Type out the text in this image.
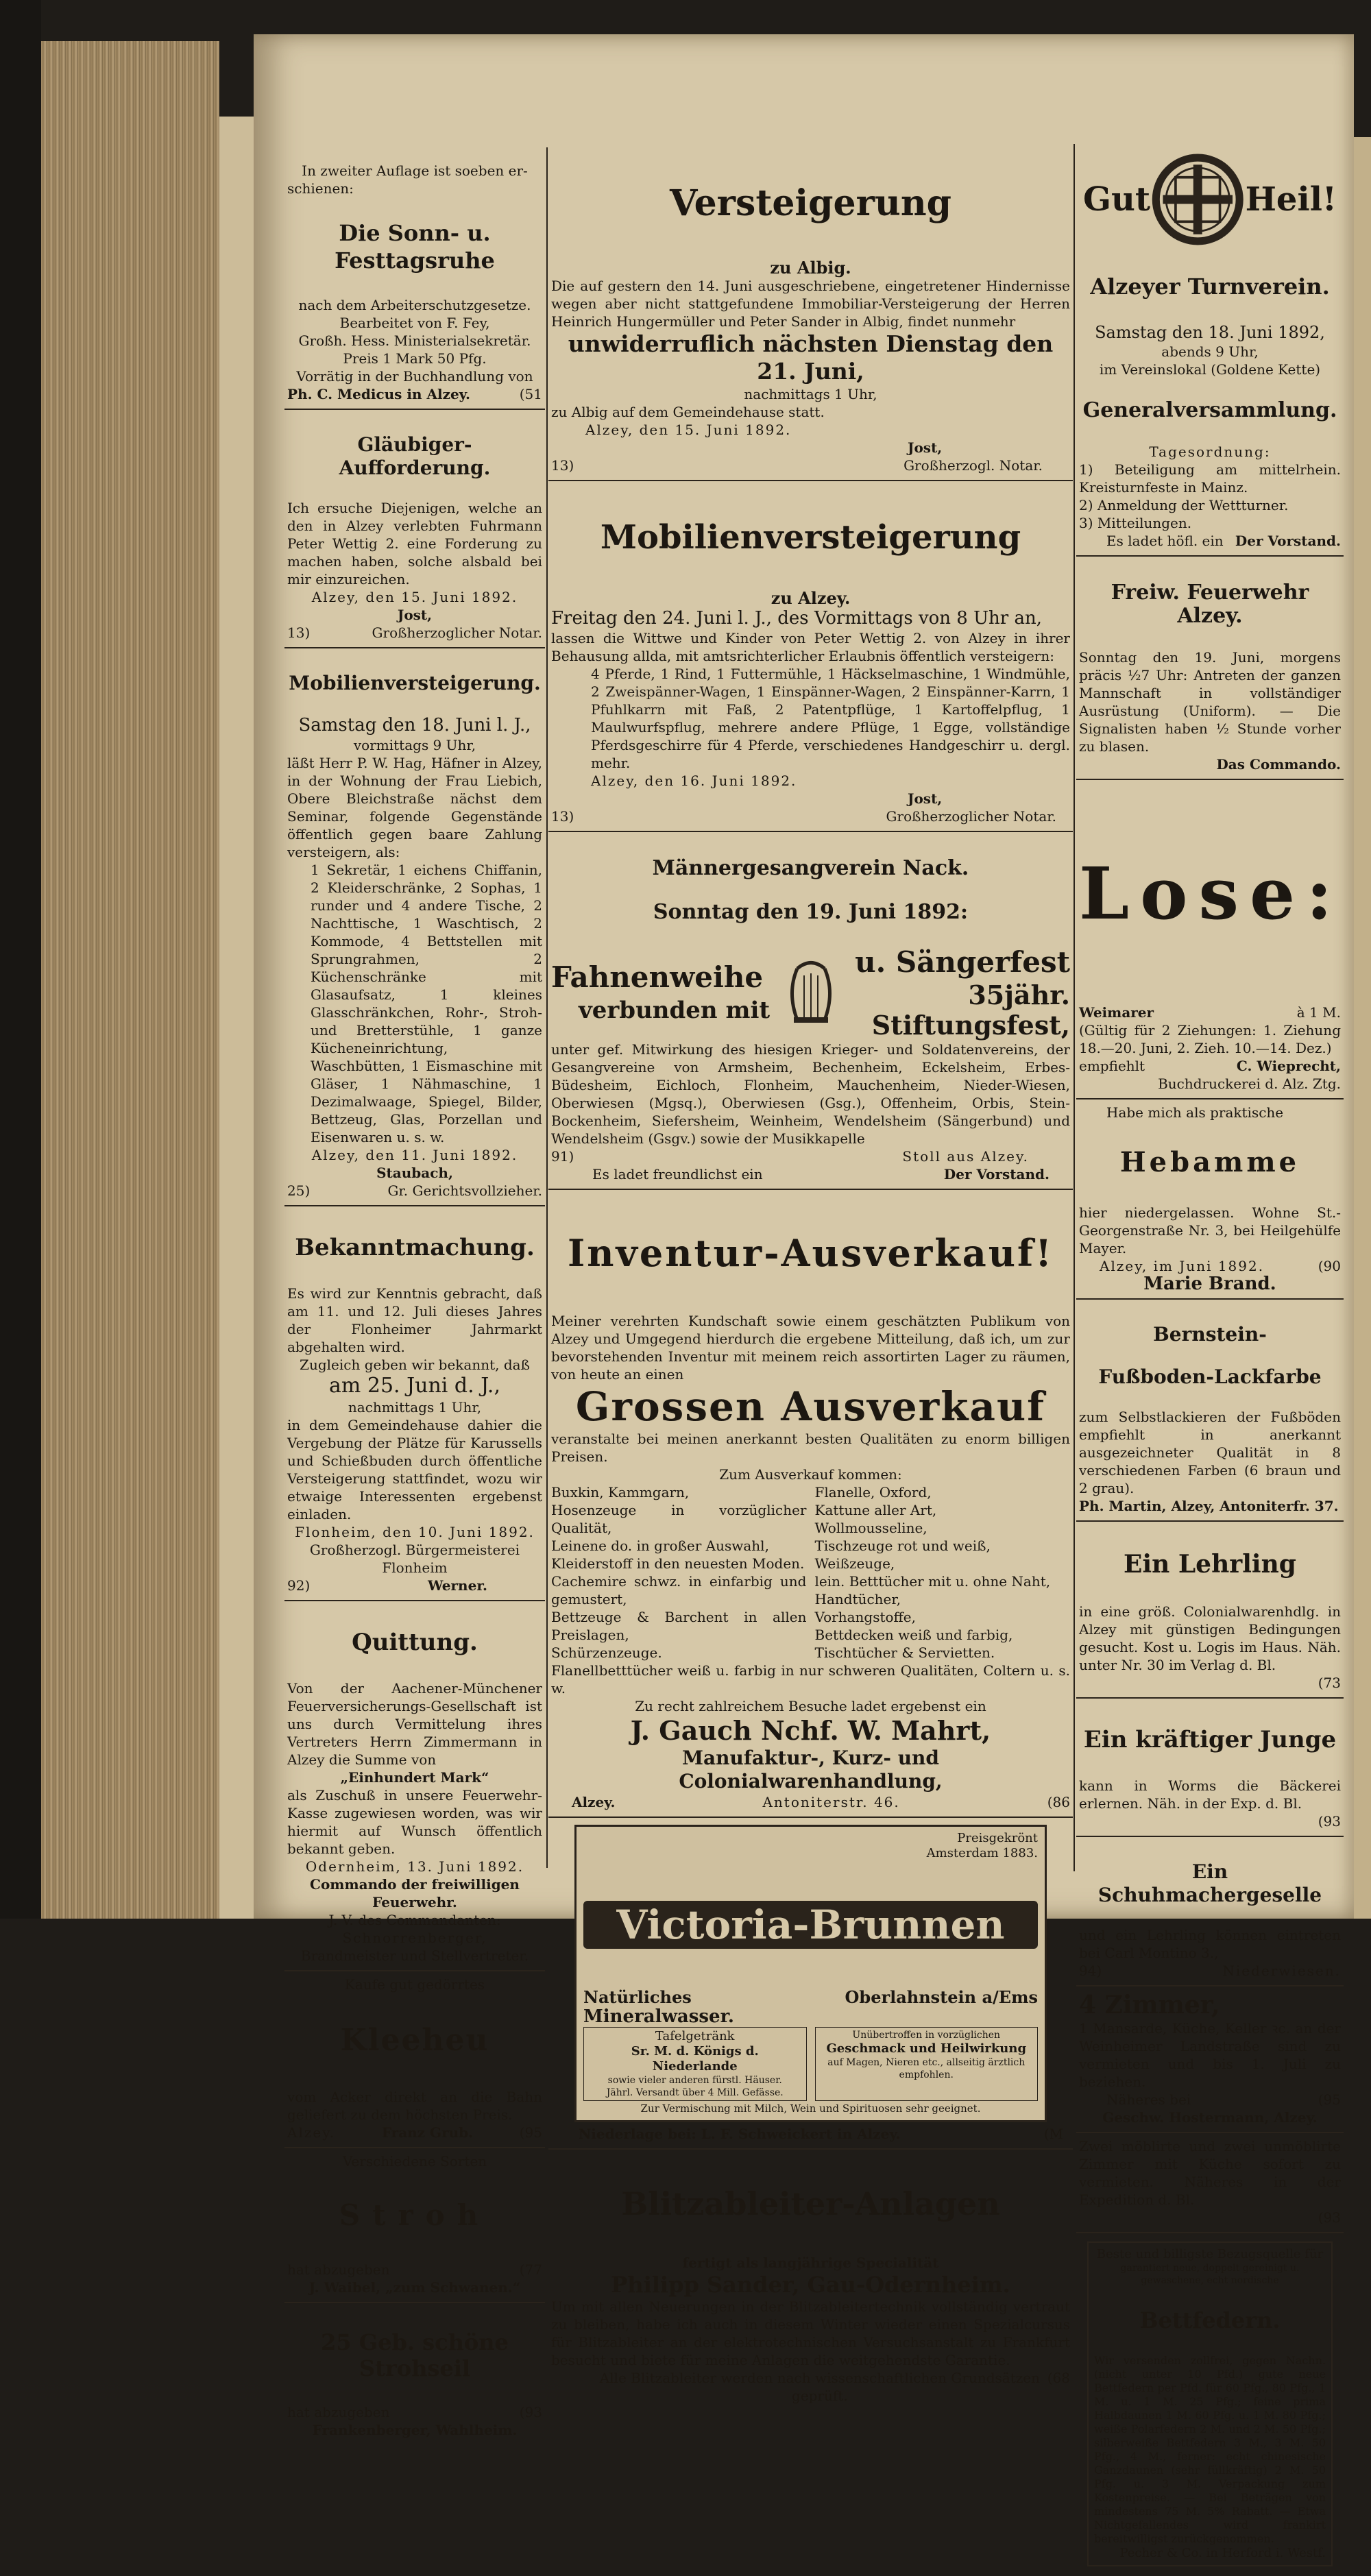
In zweiter Auflage ist soeben er-

schienen:

Die Sonn- u. Festtagsruhe

nach dem Arbeiterschutzgesetze.

Bearbeitet von F. Fey,

Großh. Hess. Ministerialsekretär.

Preis 1 Mark 50 Pfg.

Vorrätig in der Buchhandlung von

Ph. C. Medicus in Alzey.	(51

Gläubiger-Aufforderung.

Ich ersuche Diejenigen, welche an den in Alzey verlebten Fuhrmann Peter Wettig 2. eine Forderung zu machen haben, solche alsbald bei mir einzureichen.

Alzey, den 15. Juni 1892.

Jost,

13)	Großherzoglicher Notar.

Mobilienversteigerung.

Samstag den 18. Juni l. J.,

vormittags 9 Uhr,

läßt Herr P. W. Hag, Häfner in Alzey, in der Wohnung der Frau Liebich, Obere Bleichstraße nächst dem Seminar, folgende Gegenstände öffentlich gegen baare Zahlung versteigern, als:

1 Sekretär, 1 eichens Chiffanin, 2 Kleiderschränke, 2 Sophas, 1 runder und 4 andere Tische, 2 Nachttische, 1 Waschtisch, 2 Kommode, 4 Bettstellen mit Sprungrahmen, 2 Küchenschränke mit Glasaufsatz, 1 kleines Glasschränkchen, Rohr-, Stroh- und Bretterstühle, 1 ganze Kücheneinrichtung, Waschbütten, 1 Eismaschine mit Gläser, 1 Nähmaschine, 1 Dezimalwaage, Spiegel, Bilder, Bettzeug, Glas, Porzellan und Eisenwaren u. s. w.

Alzey, den 11. Juni 1892.

Staubach,

25)	Gr. Gerichtsvollzieher.

Bekanntmachung.

Es wird zur Kenntnis gebracht, daß am 11. und 12. Juli dieses Jahres der Flonheimer Jahrmarkt abgehalten wird.

Zugleich geben wir bekannt, daß

am 25. Juni d. J.,

nachmittags 1 Uhr,

in dem Gemeindehause dahier die Vergebung der Plätze für Karussells und Schießbuden durch öffentliche Versteigerung stattfindet, wozu wir etwaige Interessenten ergebenst einladen.

Flonheim, den 10. Juni 1892.

Großherzogl. Bürgermeisterei Flonheim

92)	Werner.

Quittung.

Von der Aachener-Münchener Feuerversicherungs-Gesellschaft ist uns durch Vermittelung ihres Vertreters Herrn Zimmermann in Alzey die Summe von

„Einhundert Mark“

als Zuschuß in unsere Feuerwehr-Kasse zugewiesen worden, was wir hiermit auf Wunsch öffentlich bekannt geben.

Odernheim, 13. Juni 1892.

Commando der freiwilligen Feuerwehr.

J. V. des Commandanten:

Schnorrenberger,

Brandmeister und Stellvertreter.

Kaufe gut gedörrtes

Kleeheu

vom Acker direkt an die Bahn geliefert zu dem höchsten Preis.

Alzey.	Franz Grub.	(95

Verschiedene Sorten

Stroh

hat abzugeben	(77

J. Waibel, „zum Schwanen.“

25 Geb. schöne Strohseil

hat abzugeben	(93

Frankenberger, Wahlheim.

Versteigerung

zu Albig.

Die auf gestern den 14. Juni ausgeschriebene, eingetretener Hindernisse wegen aber nicht stattgefundene Immobiliar-Versteigerung der Herren Heinrich Hungermüller und Peter Sander in Albig, findet nunmehr

unwiderruflich nächsten Dienstag den 21. Juni,

nachmittags 1 Uhr,

zu Albig auf dem Gemeindehause statt.

Alzey, den 15. Juni 1892.

Jost,

13)	Großherzogl. Notar.

Mobilienversteigerung

zu Alzey.

Freitag den 24. Juni l. J., des Vormittags von 8 Uhr an,

lassen die Wittwe und Kinder von Peter Wettig 2. von Alzey in ihrer Behausung allda, mit amtsrichterlicher Erlaubnis öffentlich versteigern:

4 Pferde, 1 Rind, 1 Futtermühle, 1 Häckselmaschine, 1 Windmühle, 2 Zweispänner-Wagen, 1 Einspänner-Wagen, 2 Einspänner-Karrn, 1 Pfuhlkarrn mit Faß, 2 Patentpflüge, 1 Kartoffelpflug, 1 Maulwurfspflug, mehrere andere Pflüge, 1 Egge, vollständige Pferdsgeschirre für 4 Pferde, verschiedenes Handgeschirr u. dergl. mehr.

Alzey, den 16. Juni 1892.

Jost,

13)	Großherzoglicher Notar.

Männergesangverein Nack.

Sonntag den 19. Juni 1892:

Fahnenweihe

verbunden mit

u. Sängerfest

35jähr. Stiftungsfest,

unter gef. Mitwirkung des hiesigen Krieger- und Soldatenvereins, der Gesangvereine von Armsheim, Bechenheim, Eckelsheim, Erbes-Büdesheim, Eichloch, Flonheim, Mauchenheim, Nieder-Wiesen, Oberwiesen (Mgsq.), Oberwiesen (Gsg.), Offenheim, Orbis, Stein-Bockenheim, Siefersheim, Weinheim, Wendelsheim (Sängerbund) und Wendelsheim (Gsgv.) sowie der Musikkapelle

91)	Stoll aus Alzey.
Es ladet freundlichst ein	Der Vorstand.

Inventur-Ausverkauf!

Meiner verehrten Kundschaft sowie einem geschätzten Publikum von Alzey und Umgegend hierdurch die ergebene Mitteilung, daß ich, um zur bevorstehenden Inventur mit meinem reich assortirten Lager zu räumen, von heute an einen

Grossen Ausverkauf

veranstalte bei meinen anerkannt besten Qualitäten zu enorm billigen Preisen.

Zum Ausverkauf kommen:

Buxkin, Kammgarn,

Hosenzeuge in vorzüglicher Qualität,

Leinene do. in großer Auswahl,

Kleiderstoff in den neuesten Moden.

Cachemire schwz. in einfarbig und gemustert,

Bettzeuge & Barchent in allen Preislagen,

Schürzenzeuge.

Flanelle, Oxford,

Kattune aller Art,

Wollmousseline,

Tischzeuge rot und weiß,

Weißzeuge,

lein. Betttücher mit u. ohne Naht,

Handtücher,

Vorhangstoffe,

Bettdecken weiß und farbig,

Tischtücher & Servietten.

Flanellbetttücher weiß u. farbig in nur schweren Qualitäten, Coltern u. s. w.

Zu recht zahlreichem Besuche ladet ergebenst ein

J. Gauch Nchf. W. Mahrt,

Manufaktur-, Kurz- und Colonialwarenhandlung,

Alzey.	Antoniterstr. 46.	(86
Preisgekrönt
Amsterdam 1883.

Victoria-Brunnen

Natürliches	Oberlahnstein a/Ems

Mineralwasser.

Tafelgetränk

Sr. M. d. Königs d. Niederlande

sowie vieler anderen fürstl. Häuser.

Jährl. Versandt über 4 Mill. Gefässe.

Unübertroffen in vorzüglichen

Geschmack und Heilwirkung

auf Magen, Nieren etc., allseitig ärztlich empfohlen.

Zur Vermischung mit Milch, Wein und Spirituosen sehr geeignet.

Niederlage bei: L. F. Schweickert in Alzey.	(M

Blitzableiter-Anlagen

fertigt als langjährige Specialität

Philipp Sander, Gau-Odernheim.

Um mit allen Neuerungen in der Blitzableitertechnik vollständig vertraut zu bleiben, habe ich auch in diesem Winter wieder einen Spezialcursus für Blitzableiter an der elektrotechnischen Versuchsanstalt zu Frankfurt besucht und biete für meine Anlagen die weitgehendste Garantie.

Alle Blitzableiter werden nach wissenschaftlichen Grundsätzen geprüft.
(68
Gut	Heil!

Alzeyer Turnverein.

Samstag den 18. Juni 1892,

abends 9 Uhr,

im Vereinslokal (Goldene Kette)

Generalversammlung.

Tagesordnung:

1) Beteiligung am mittelrhein. Kreisturnfeste in Mainz.

2) Anmeldung der Wettturner.

3) Mitteilungen.

Es ladet höfl. ein Der Vorstand.

Freiw. Feuerwehr Alzey.

Sonntag den 19. Juni, morgens präcis ½7 Uhr: Antreten der ganzen Mannschaft in vollständiger Ausrüstung (Uniform). — Die Signalisten haben ½ Stunde vorher zu blasen.

Das Commando.

Lose:

Weimarer	à 1 M.

(Gültig für 2 Ziehungen: 1. Ziehung 18.—20. Juni, 2. Zieh. 10.—14. Dez.)

empfiehlt	C. Wieprecht,

Buchdruckerei d. Alz. Ztg.

Habe mich als praktische

Hebamme

hier niedergelassen. Wohne St.-Georgenstraße Nr. 3, bei Heilgehülfe Mayer.

Alzey, im Juni 1892.	(90

Marie Brand.

Bernstein-

Fußboden-Lackfarbe

zum Selbstlackieren der Fußböden empfiehlt in anerkannt ausgezeichneter Qualität in 8 verschiedenen Farben (6 braun und 2 grau).

Ph. Martin, Alzey, Antoniterfr. 37.

Ein Lehrling

in eine größ. Colonialwarenhdlg. in Alzey mit günstigen Bedingungen gesucht. Kost u. Logis im Haus. Näh. unter Nr. 30 im Verlag d. Bl.

(73

Ein kräftiger Junge

kann in Worms die Bäckerei erlernen. Näh. in der Exp. d. Bl.

(93

Ein Schuhmachergeselle

und ein Lehrling können eintreten bei Carl Montino 3.,

94)	Niederwiesen.

4 Zimmer,

1 Mansarde, Küche, Keller ꝛc. an der Weinheimer Landstraße sind zu vermieten und bis 1. Juli zu beziehen.

Näheres bei	(95

Geschw. Hostermann, Alzey.

Zwei möblirte und zwei unmöblirte Zimmer mit Küche sofort zu vermieten. Näheres in der Expedition d. Bl.

(93

Beste und billigste Bezugsquelle für

garantiert neue, doppelt gereinigt u. gewaschene, echt nordische

Bettfedern.

Wir versenden zollfrei, gegen Nachn. (nicht unter 10 Pfd.) gute neue Bettfedern per Pfd. für 60 Pfg., 80 Pfg., 1 M. u. 1 M. 25 Pfg.; feine prima Halbdaunen 1 M. 60 Pfg. u. 1 M. 80 Pfg.; weiße Polarfedern 2 M. und 2 M. 50 Pfg.; silberweiße Bettfedern 3 M., 3 M. 50 Pfg., 4 M., ferner: echt chinesische Ganzdaunen (sehr füllkräftig) 2 M. 50 Pfg. u. 3 M. Verpackung zum Kostenpreise. — Bei Beträgen von mindestens 75 M. 5% Rabatt. — Etwa Nichtgefallendes wird frankirt bereitwilligst zurückgenommen.

Pecher & Co. in Herford i. Westf.
